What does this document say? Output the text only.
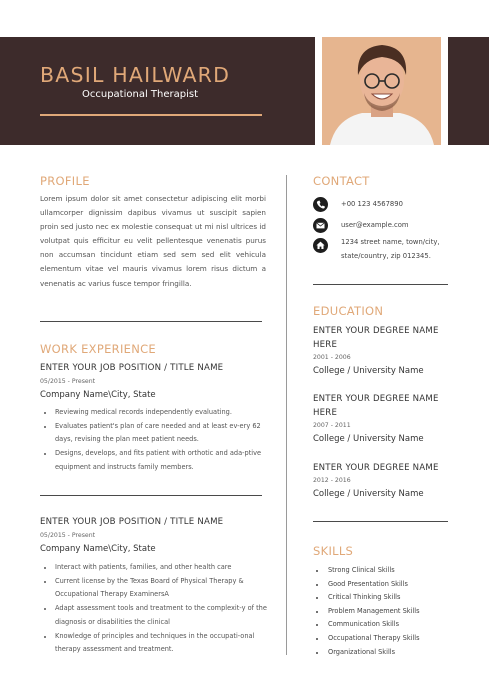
BASIL HAILWARD
Occupational Therapist
PROFILE
Lorem ipsum dolor sit amet consectetur adipiscing elit morbi ullamcorper dignissim dapibus vivamus ut suscipit sapien proin sed justo nec ex molestie consequat ut mi nisl ultrices id volutpat quis efficitur eu velit pellentesque venenatis purus non accumsan tincidunt etiam sed sem sed elit vehicula elementum vitae vel mauris vivamus lorem risus dictum a venenatis ac varius fusce tempor fringilla.
WORK EXPERIENCE
ENTER YOUR JOB POSITION / TITLE NAME
05/2015 - Present
Company Name\City, State
Reviewing medical records independently evaluating.
Evaluates patient's plan of care needed and at least ev-ery 62 days, revising the plan meet patient needs.
Designs, develops, and fits patient with orthotic and ada-ptive equipment and instructs family members.
ENTER YOUR JOB POSITION / TITLE NAME
05/2015 - Present
Company Name\City, State
Interact with patients, families, and other health care
Current license by the Texas Board of Physical Therapy & Occupational Therapy ExaminersA
Adapt assessment tools and treatment to the complexit-y of the diagnosis or disabilities the clinical
Knowledge of principles and techniques in the occupati-onal therapy assessment and treatment.
CONTACT
+00 123 4567890
user@example.com
1234 street name, town/city,
state/country, zip 012345.
EDUCATION
ENTER YOUR DEGREE NAME HERE
2001 - 2006
College / University Name
ENTER YOUR DEGREE NAME HERE
2007 - 2011
College / University Name
ENTER YOUR DEGREE NAME
2012 - 2016
College / University Name
SKILLS
Strong Clinical Skills
Good Presentation Skills
Critical Thinking Skills
Problem Management Skills
Communication Skills
Occupational Therapy Skills
Organizational Skills
